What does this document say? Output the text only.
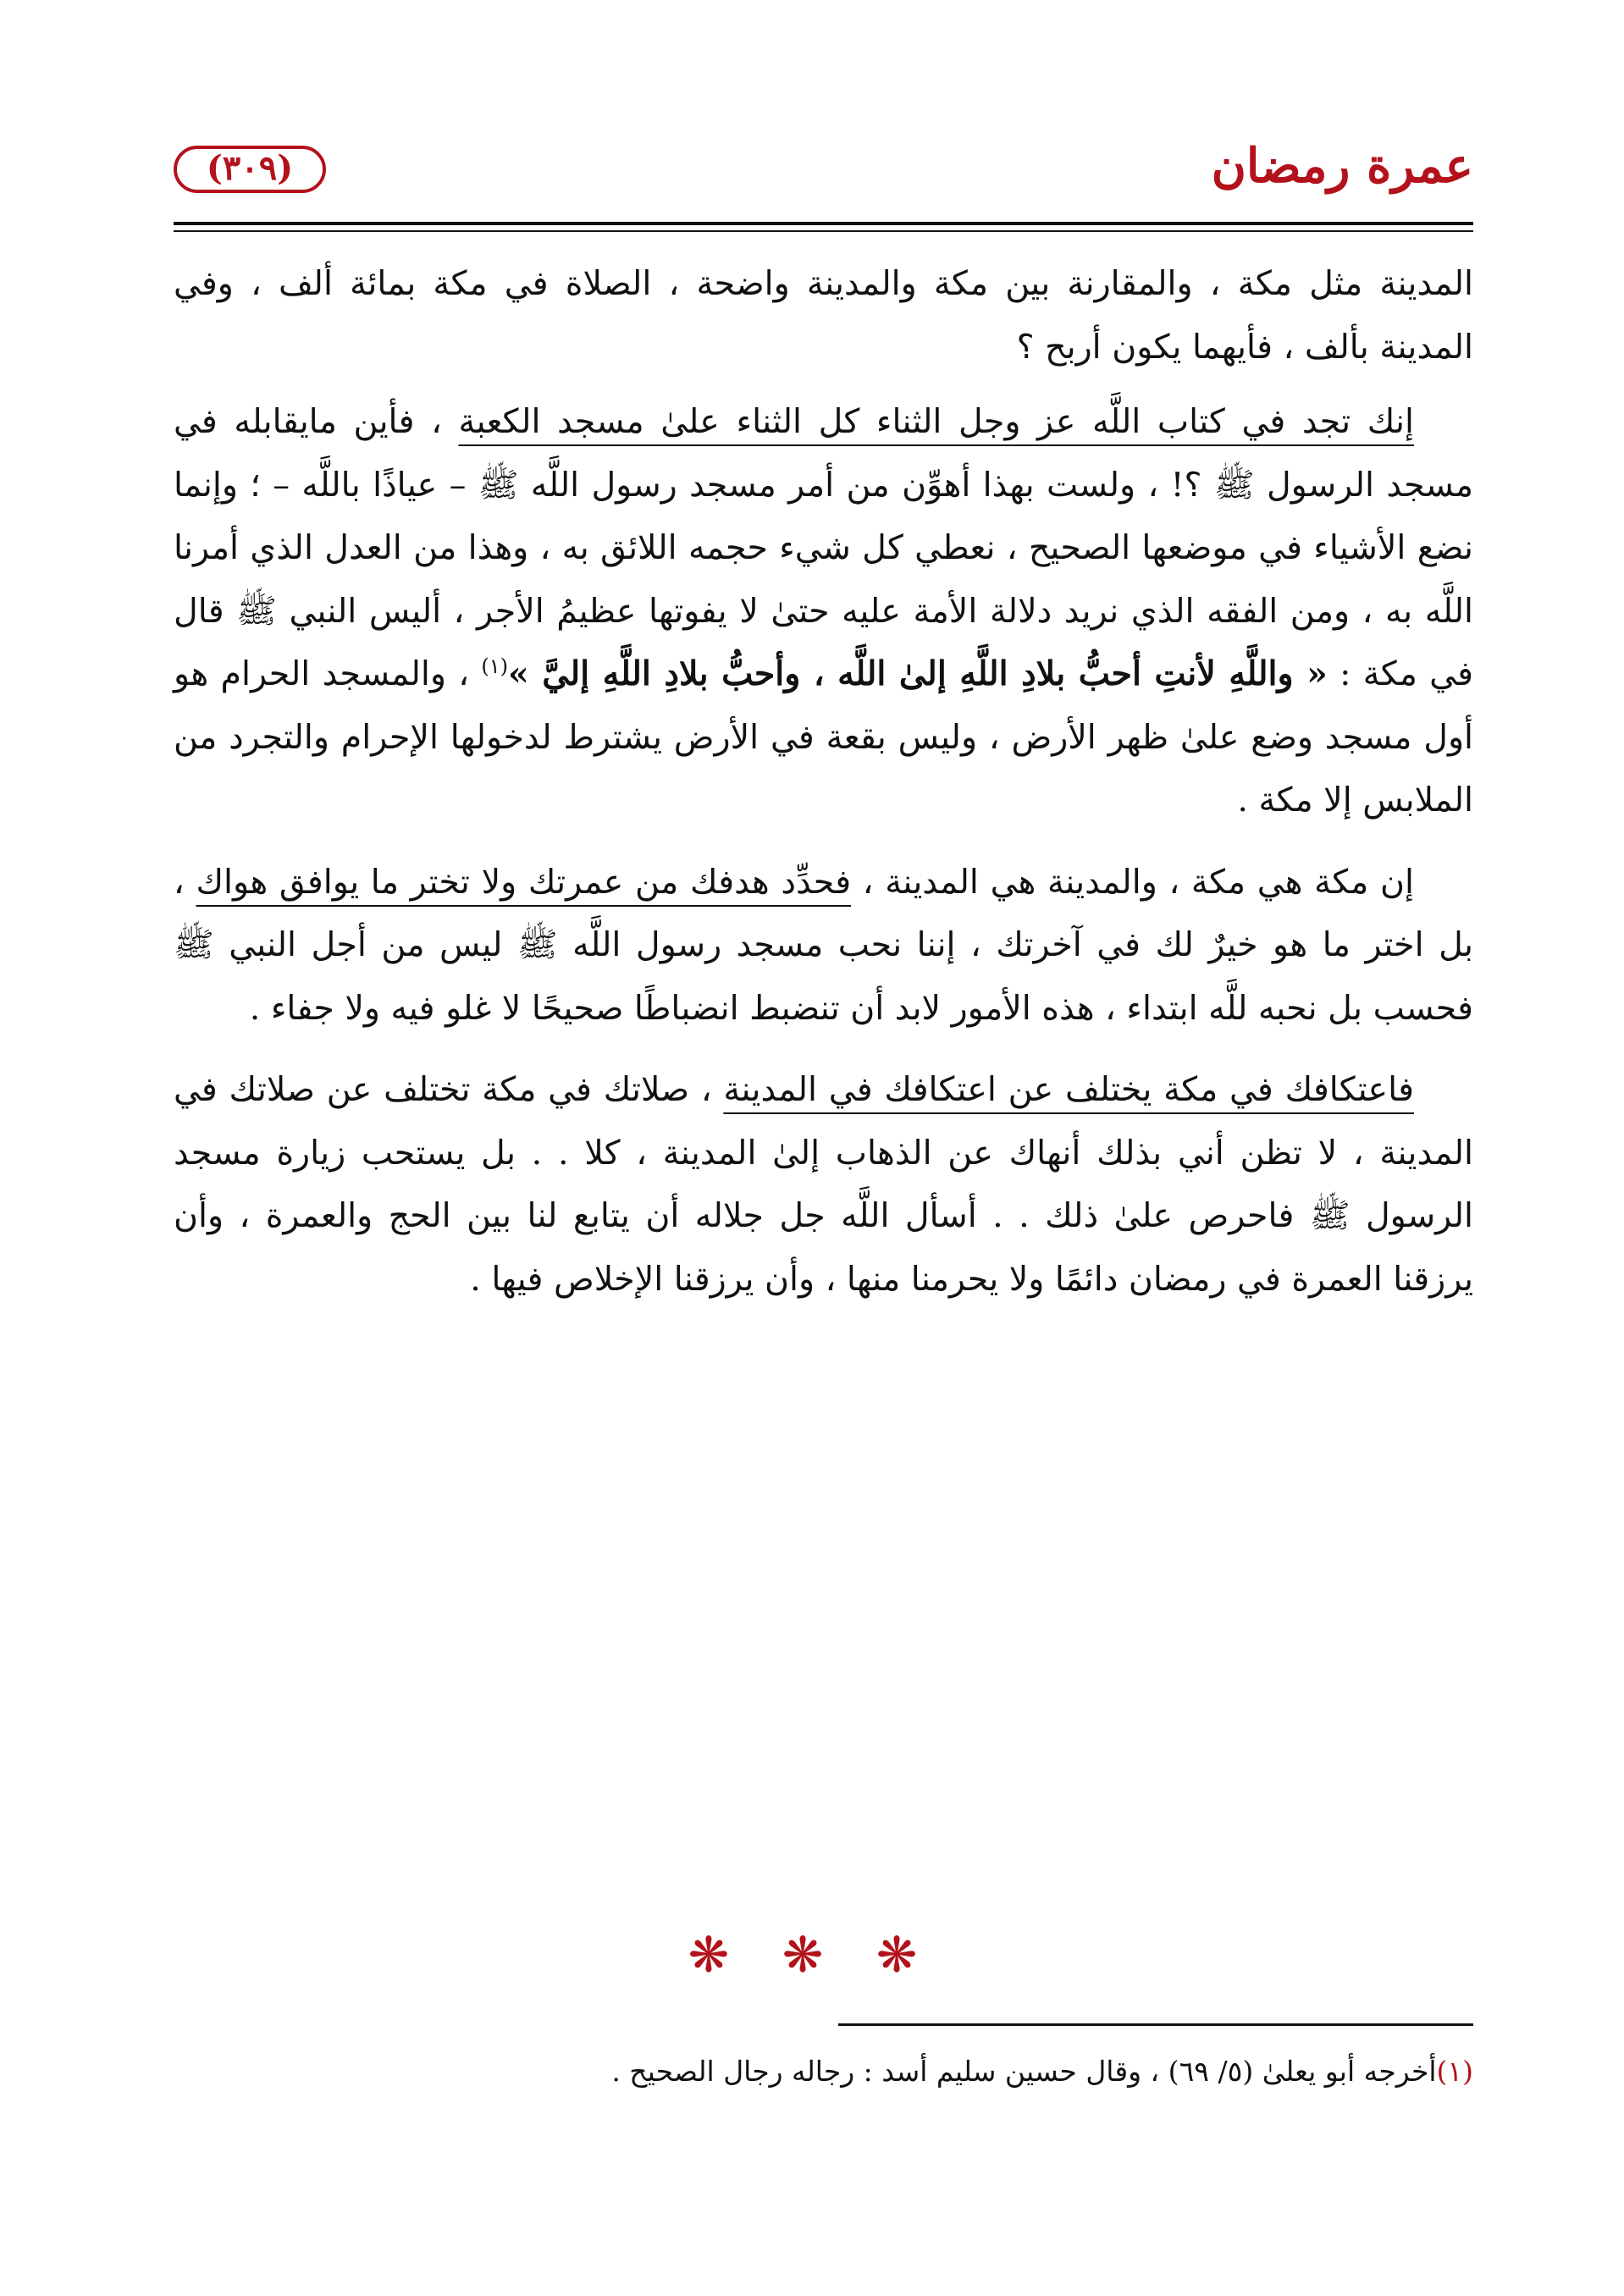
عمرة رمضان
(٣٠٩)

المدينة مثل مكة ، والمقارنة بين مكة والمدينة واضحة ، الصلاة في مكة بمائة ألف ، وفي المدينة بألف ، فأيهما يكون أربح ؟

إنك تجد في كتاب اللَّه عز وجل الثناء كل الثناء علىٰ مسجد الكعبة ، فأين مايقابله في مسجد الرسول ﷺ ؟! ، ولست بهذا أهوِّن من أمر مسجد رسول اللَّه ﷺ – عياذًا باللَّه – ؛ وإنما نضع الأشياء في موضعها الصحيح ، نعطي كل شيء حجمه اللائق به ، وهذا من العدل الذي أمرنا اللَّه به ، ومن الفقه الذي نريد دلالة الأمة عليه حتىٰ لا يفوتها عظيمُ الأجر ، أليس النبي ﷺ قال في مكة : « واللَّهِ لأنتِ أحبُّ بلادِ اللَّهِ إلىٰ اللَّه ، وأحبُّ بلادِ اللَّهِ إليَّ »$^{(١)}$ ، والمسجد الحرام هو أول مسجد وضع علىٰ ظهر الأرض ، وليس بقعة في الأرض يشترط لدخولها الإحرام والتجرد من الملابس إلا مكة .

إن مكة هي مكة ، والمدينة هي المدينة ، فحدِّد هدفك من عمرتك ولا تختر ما يوافق هواك ، بل اختر ما هو خيرٌ لك في آخرتك ، إننا نحب مسجد رسول اللَّه ﷺ ليس من أجل النبي ﷺ فحسب بل نحبه للَّه ابتداء ، هذه الأمور لابد أن تنضبط انضباطًا صحيحًا لا غلو فيه ولا جفاء .

فاعتكافك في مكة يختلف عن اعتكافك في المدينة ، صلاتك في مكة تختلف عن صلاتك في المدينة ، لا تظن أني بذلك أنهاك عن الذهاب إلىٰ المدينة ، كلا . . بل يستحب زيارة مسجد الرسول ﷺ فاحرص علىٰ ذلك . . أسأل اللَّه جل جلاله أن يتابع لنا بين الحج والعمرة ، وأن يرزقنا العمرة في رمضان دائمًا ولا يحرمنا منها ، وأن يرزقنا الإخلاص فيها .

❋ ❋ ❋
(١)أخرجه أبو يعلىٰ (٥/ ٦٩) ، وقال حسين سليم أسد : رجاله رجال الصحيح .
